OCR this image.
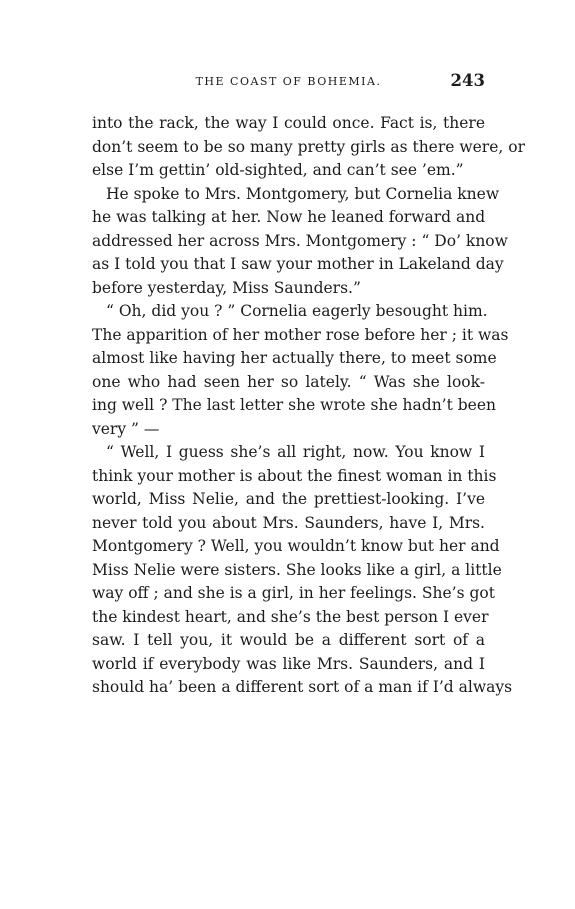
THE COAST OF BOHEMIA.	243
into the rack, the way I could once. Fact is, there
don’t seem to be so many pretty girls as there were, or
else I’m gettin’ old-sighted, and can’t see ’em.”
He spoke to Mrs. Montgomery, but Cornelia knew
he was talking at her. Now he leaned forward and
addressed her across Mrs. Montgomery : “ Do’ know
as I told you that I saw your mother in Lakeland day
before yesterday, Miss Saunders.”
“ Oh, did you ? ” Cornelia eagerly besought him.
The apparition of her mother rose before her ; it was
almost like having her actually there, to meet some
one who had seen her so lately. “ Was she look-
ing well ? The last letter she wrote she hadn’t been
very ” —
“ Well, I guess she’s all right, now. You know I
think your mother is about the finest woman in this
world, Miss Nelie, and the prettiest-looking. I’ve
never told you about Mrs. Saunders, have I, Mrs.
Montgomery ? Well, you wouldn’t know but her and
Miss Nelie were sisters. She looks like a girl, a little
way off ; and she is a girl, in her feelings. She’s got
the kindest heart, and she’s the best person I ever
saw. I tell you, it would be a different sort of a
world if everybody was like Mrs. Saunders, and I
should ha’ been a different sort of a man if I’d always
